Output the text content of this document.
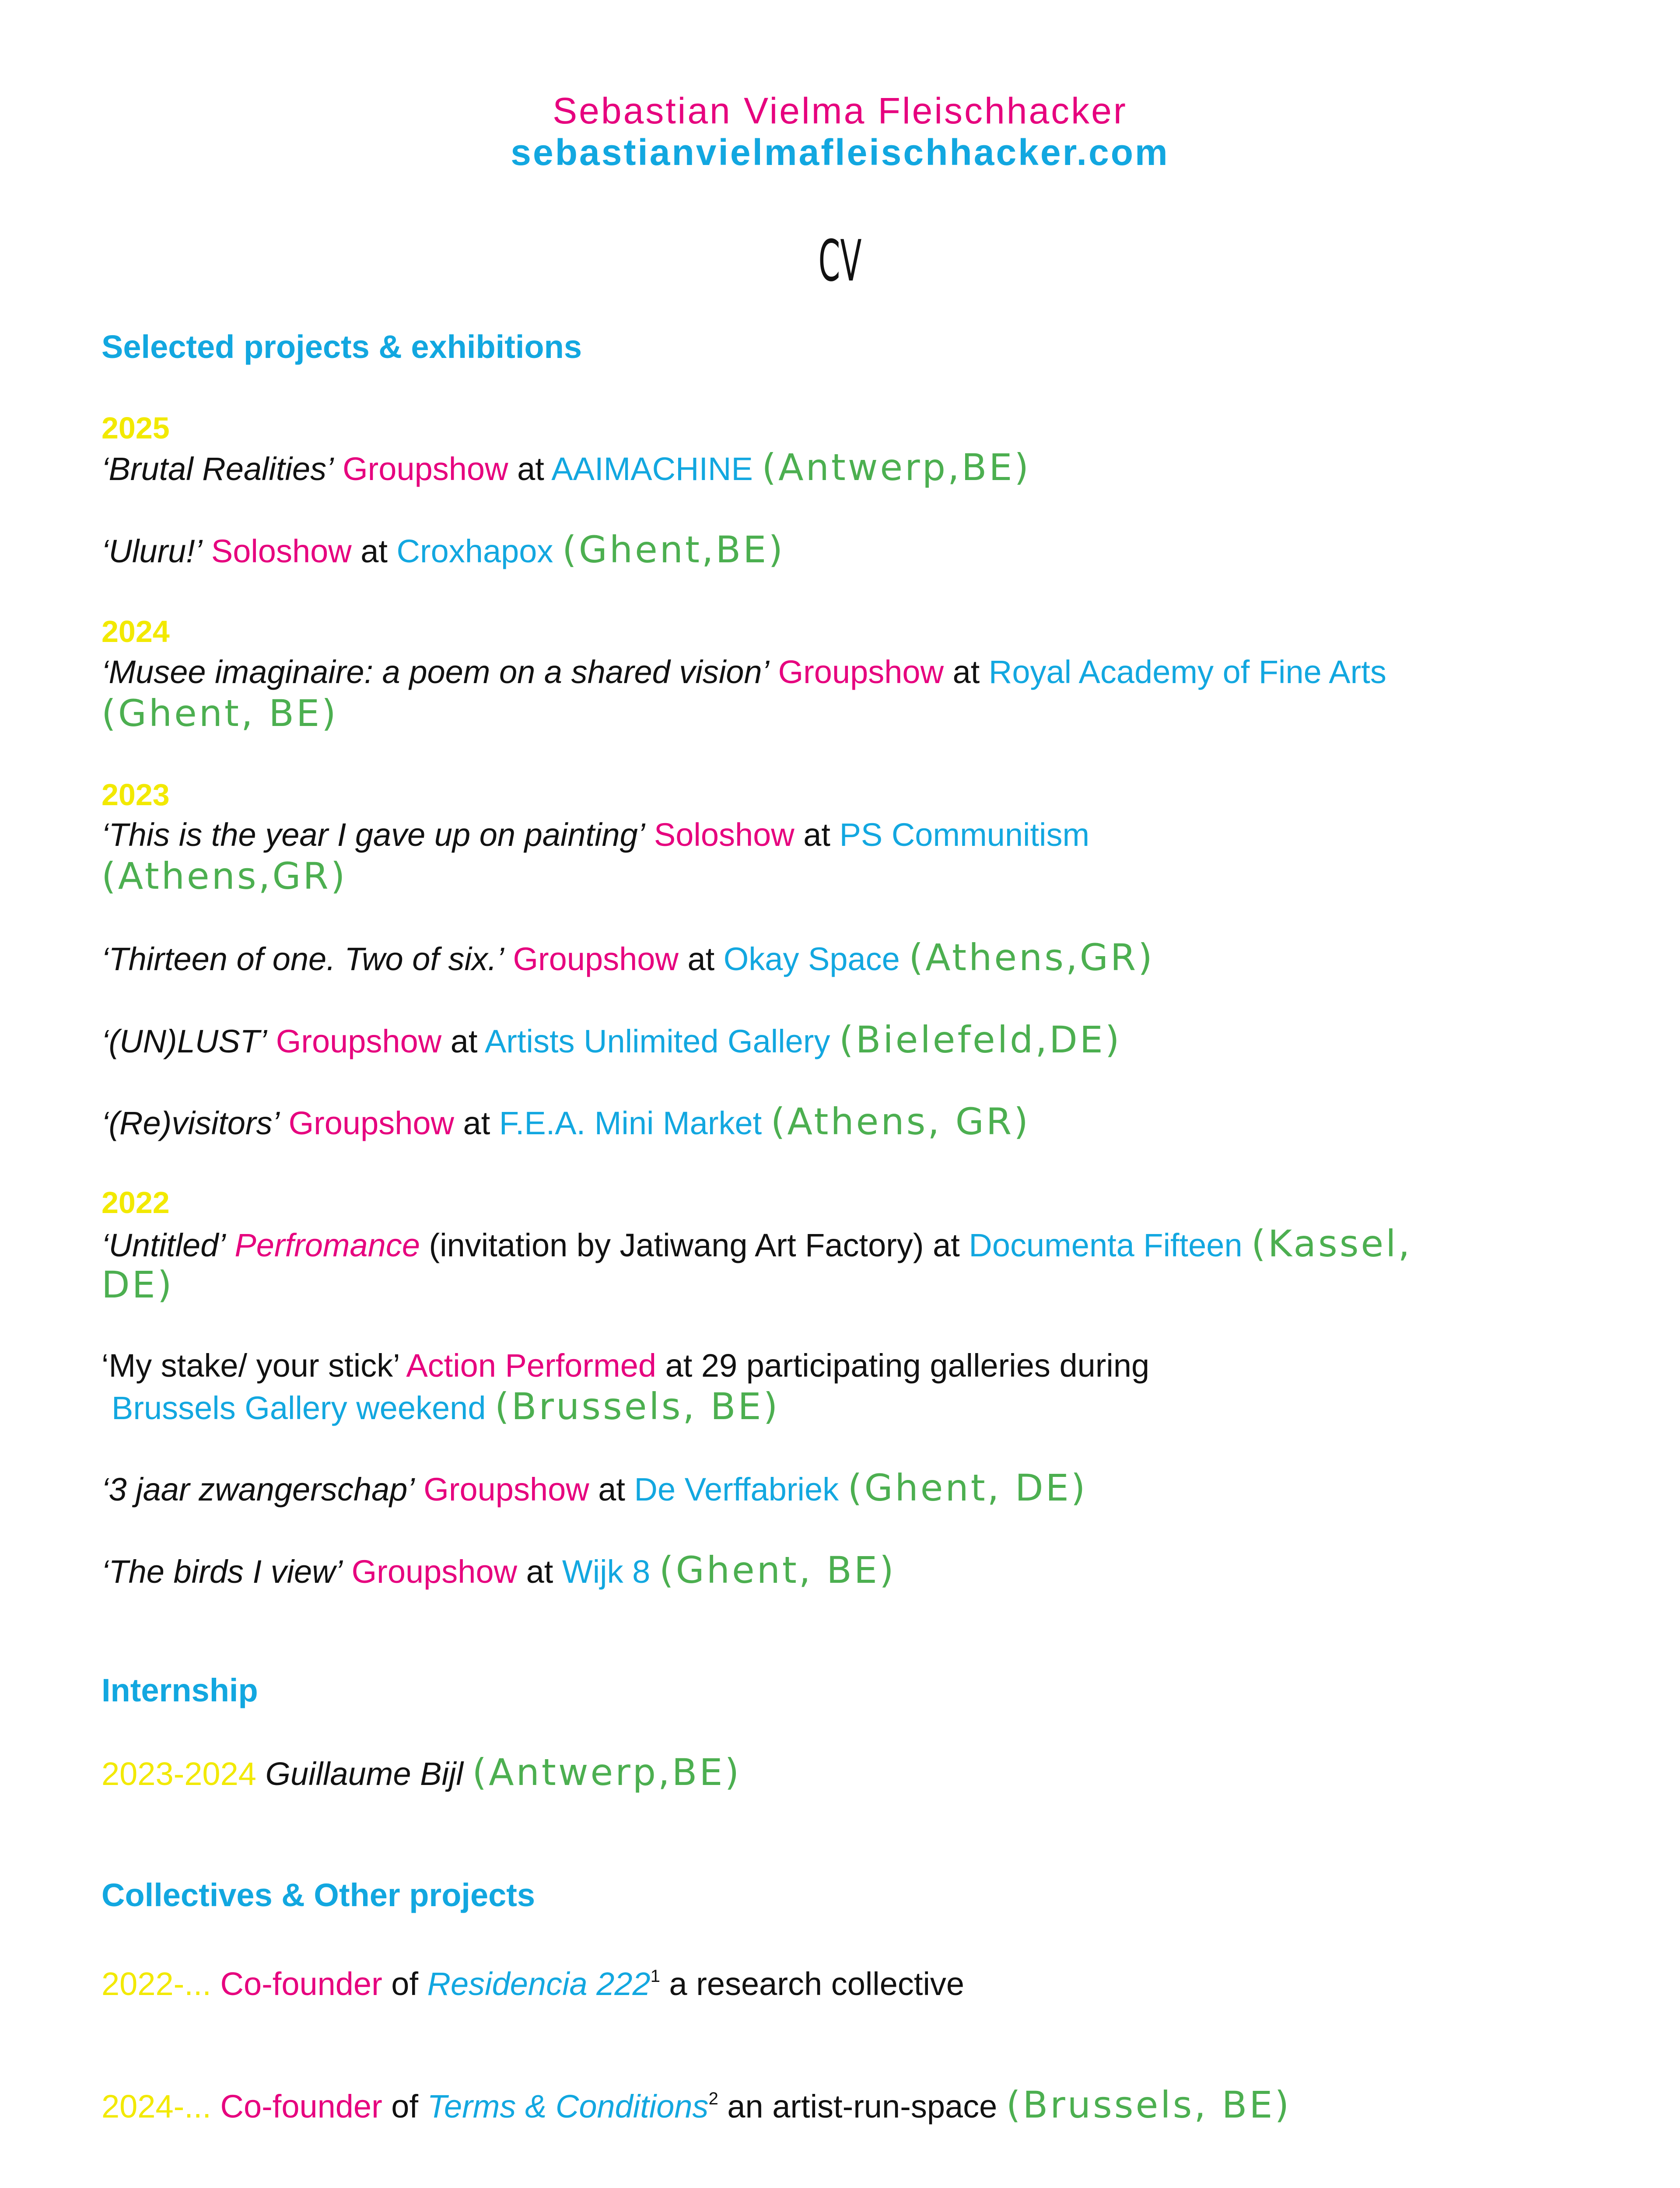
Sebastian Vielma Fleischhacker
sebastianvielmafleischhacker.com
CV
Selected projects & exhibitions
2025
‘Brutal Realities’ Groupshow at AAIMACHINE (Antwerp,BE)
‘Uluru!’ Soloshow at Croxhapox (Ghent,BE)
2024
‘Musee imaginaire: a poem on a shared vision’ Groupshow at Royal Academy of Fine Arts
(Ghent, BE)
2023
‘This is the year I gave up on painting’ Soloshow at PS Communitism
(Athens,GR)
‘Thirteen of one. Two of six.’ Groupshow at Okay Space (Athens,GR)
‘(UN)LUST’ Groupshow at Artists Unlimited Gallery (Bielefeld,DE)
‘(Re)visitors’ Groupshow at F.E.A. Mini Market (Athens, GR)
2022
‘Untitled’ Perfromance (invitation by Jatiwang Art Factory) at Documenta Fifteen (Kassel,
DE)
‘My stake/ your stick’ Action Performed at 29 participating galleries during
Brussels Gallery weekend (Brussels, BE)
‘3 jaar zwangerschap’ Groupshow at De Verffabriek (Ghent, DE)
‘The birds I view’ Groupshow at Wijk 8 (Ghent, BE)
Internship
2023-2024 Guillaume Bijl (Antwerp,BE)
Collectives & Other projects
2022-... Co-founder of Residencia $222^1$ a research collective
2024-... Co-founder of Terms & Conditions$^2$ an artist-run-space (Brussels, BE)
